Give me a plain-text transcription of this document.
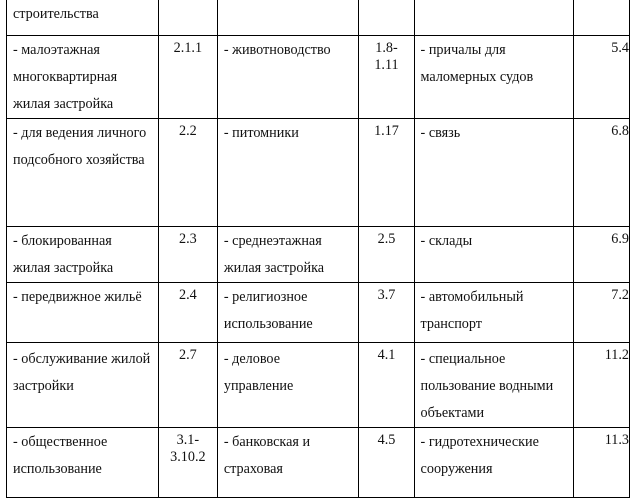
строительства					
- малоэтажная многоквартирная жилая застройка	2.1.1	- животноводство	1.8-1.11	- причалы для маломерных судов	5.4
- для ведения личного подсобного хозяйства	2.2	- питомники	1.17	- связь	6.8
- блокированная жилая застройка	2.3	- среднеэтажная жилая застройка	2.5	- склады	6.9
- передвижное жильё	2.4	- религиозное использование	3.7	- автомобильный транспорт	7.2
- обслуживание жилой застройки	2.7	- деловое управление	4.1	- специальное пользование водными объектами	11.2
- общественное использование	3.1-3.10.2	- банковская и страховая	4.5	- гидротехнические сооружения	11.3
